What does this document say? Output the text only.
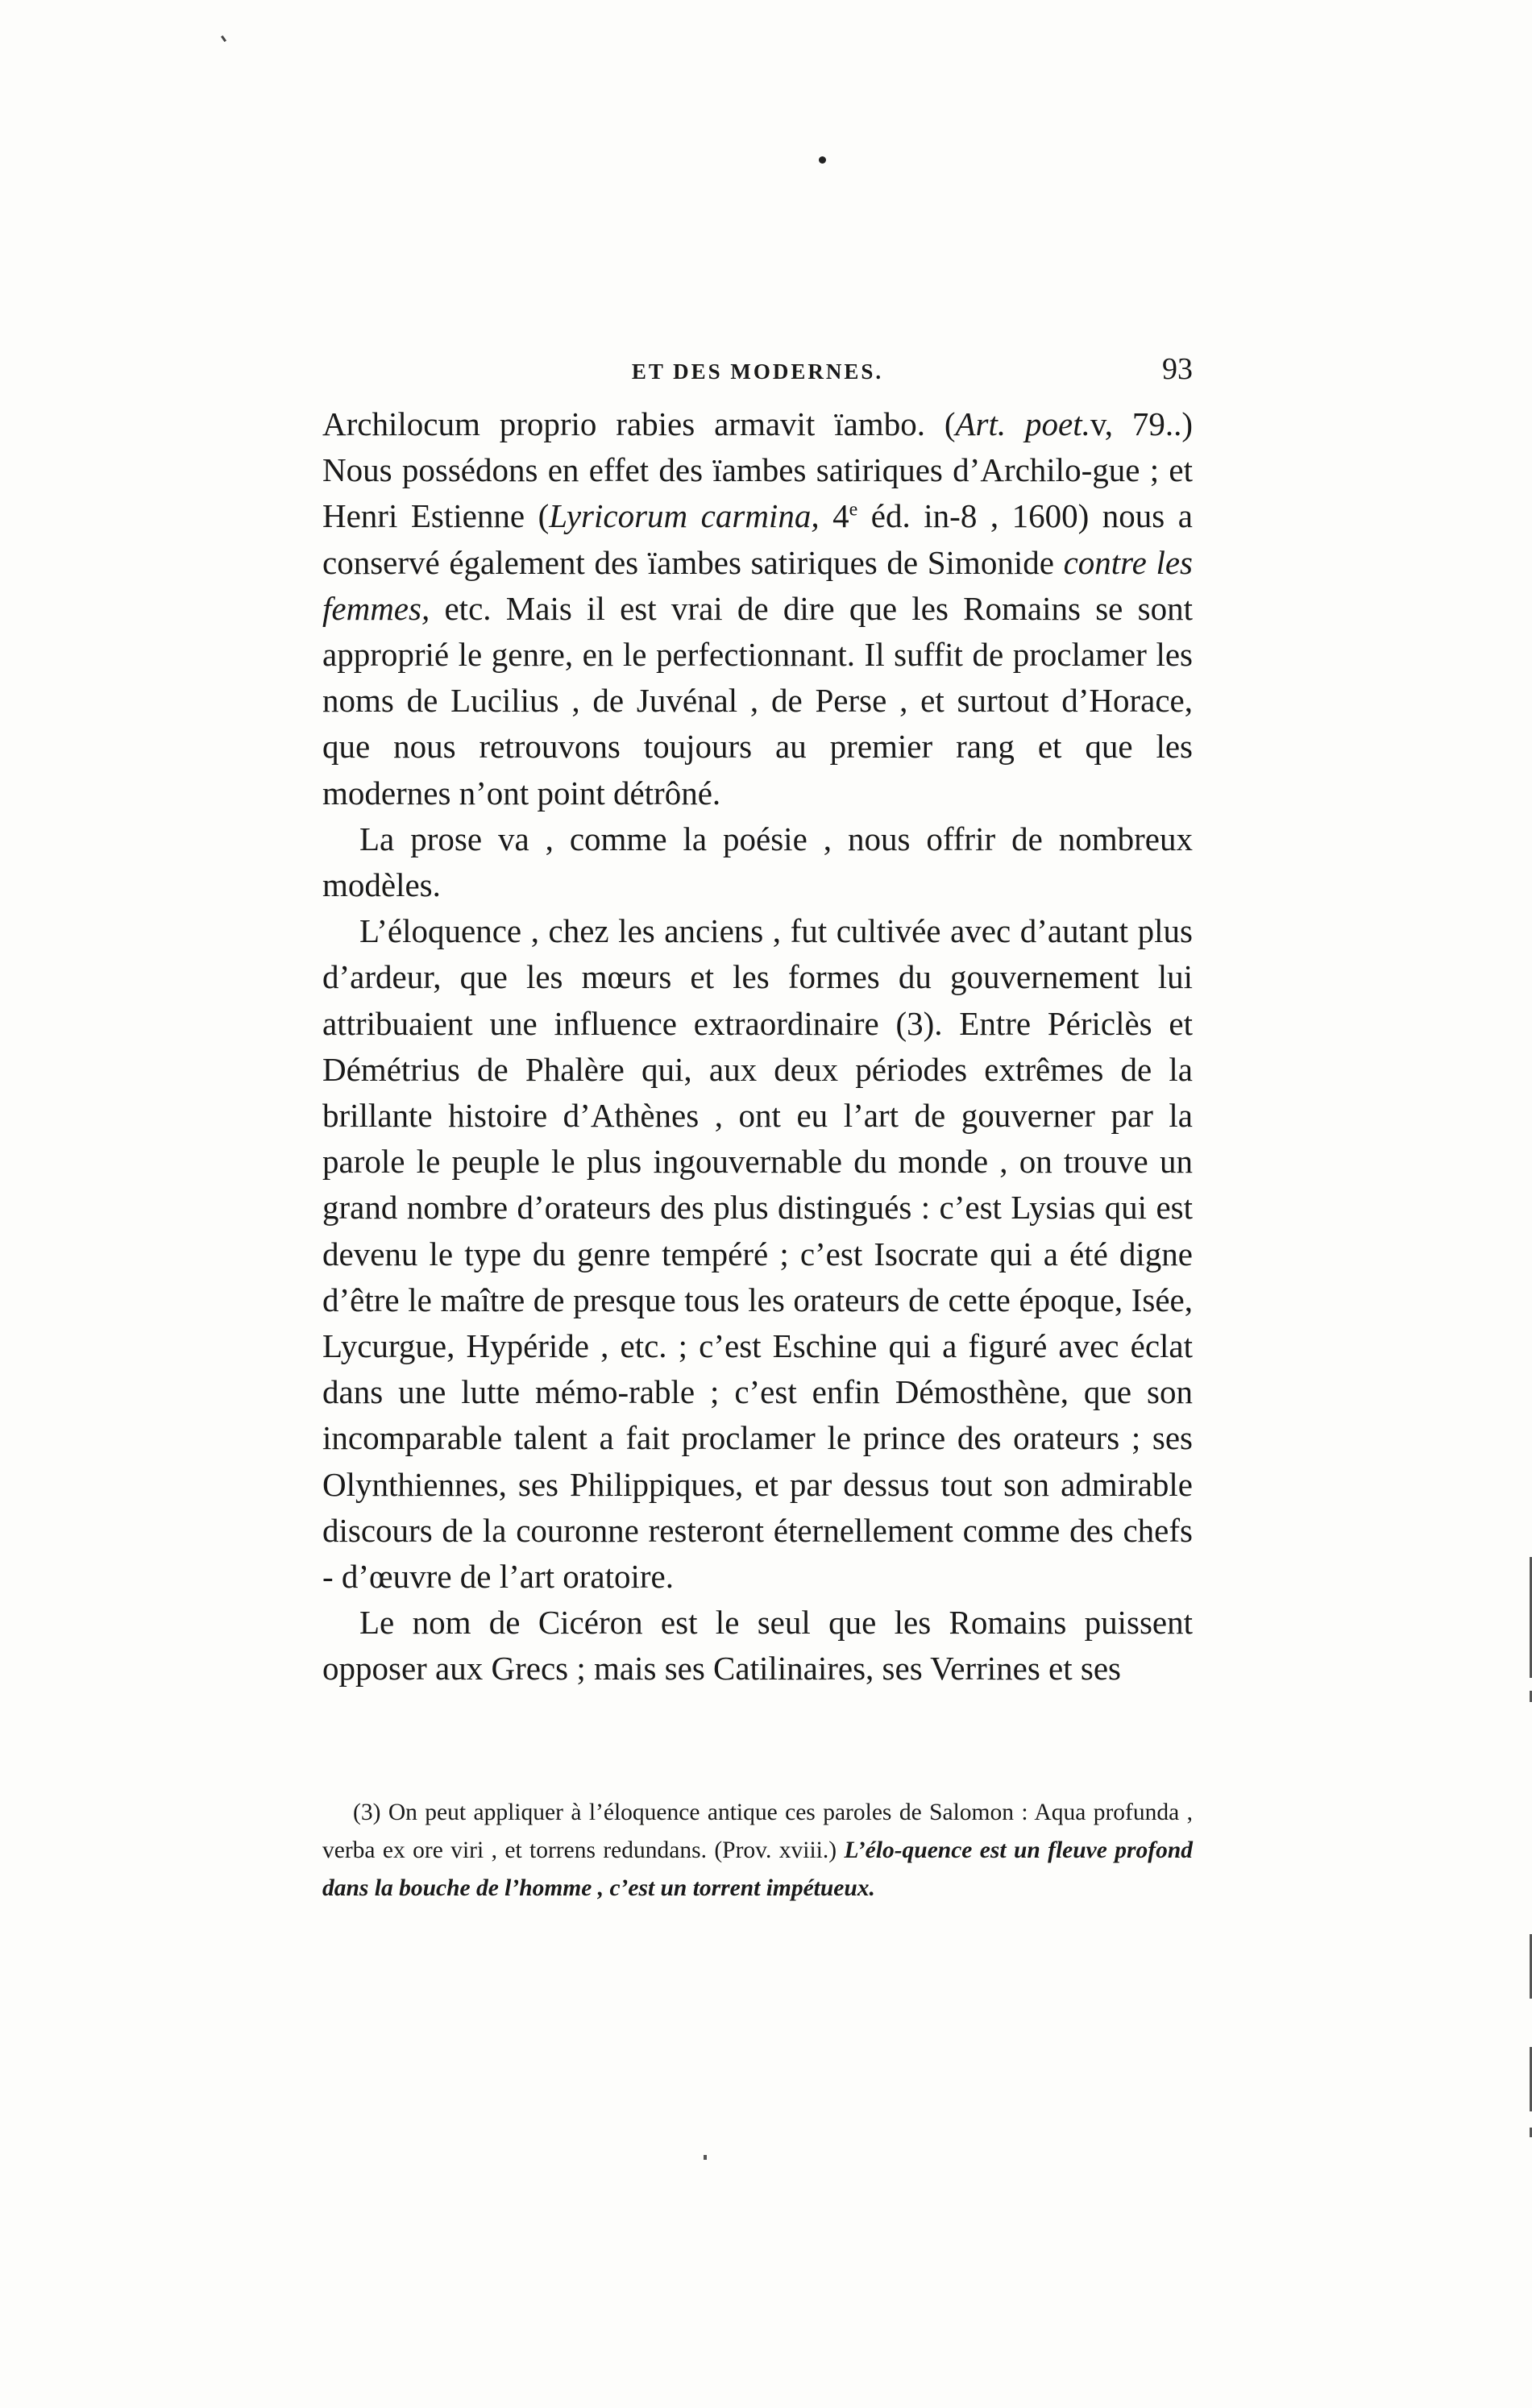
ET DES MODERNES.	93

Archilocum proprio rabies armavit ïambo. (Art. poet.v, 79..) Nous possédons en effet des ïambes satiriques d’Archilo-gue ; et Henri Estienne (Lyricorum carmina, 4e éd. in-8 , 1600) nous a conservé également des ïambes satiriques de Simonide contre les femmes, etc. Mais il est vrai de dire que les Romains se sont approprié le genre, en le perfectionnant. Il suffit de proclamer les noms de Lucilius , de Juvénal , de Perse , et surtout d’Horace, que nous retrouvons toujours au premier rang et que les modernes n’ont point détrôné.

La prose va , comme la poésie , nous offrir de nombreux modèles.

L’éloquence , chez les anciens , fut cultivée avec d’autant plus d’ardeur, que les mœurs et les formes du gouvernement lui attribuaient une influence extraordinaire (3). Entre Périclès et Démétrius de Phalère qui, aux deux périodes extrêmes de la brillante histoire d’Athènes , ont eu l’art de gouverner par la parole le peuple le plus ingouvernable du monde , on trouve un grand nombre d’orateurs des plus distingués : c’est Lysias qui est devenu le type du genre tempéré ; c’est Isocrate qui a été digne d’être le maître de presque tous les orateurs de cette époque, Isée, Lycurgue, Hypéride , etc. ; c’est Eschine qui a figuré avec éclat dans une lutte mémo-rable ; c’est enfin Démosthène, que son incomparable talent a fait proclamer le prince des orateurs ; ses Olynthiennes, ses Philippiques, et par dessus tout son admirable discours de la couronne resteront éternellement comme des chefs - d’œuvre de l’art oratoire.

Le nom de Cicéron est le seul que les Romains puissent opposer aux Grecs ; mais ses Catilinaires, ses Verrines et ses

(3) On peut appliquer à l’éloquence antique ces paroles de Salomon : Aqua profunda , verba ex ore viri , et torrens redundans. (Prov. xviii.) L’élo-quence est un fleuve profond dans la bouche de l’homme , c’est un torrent impétueux.
